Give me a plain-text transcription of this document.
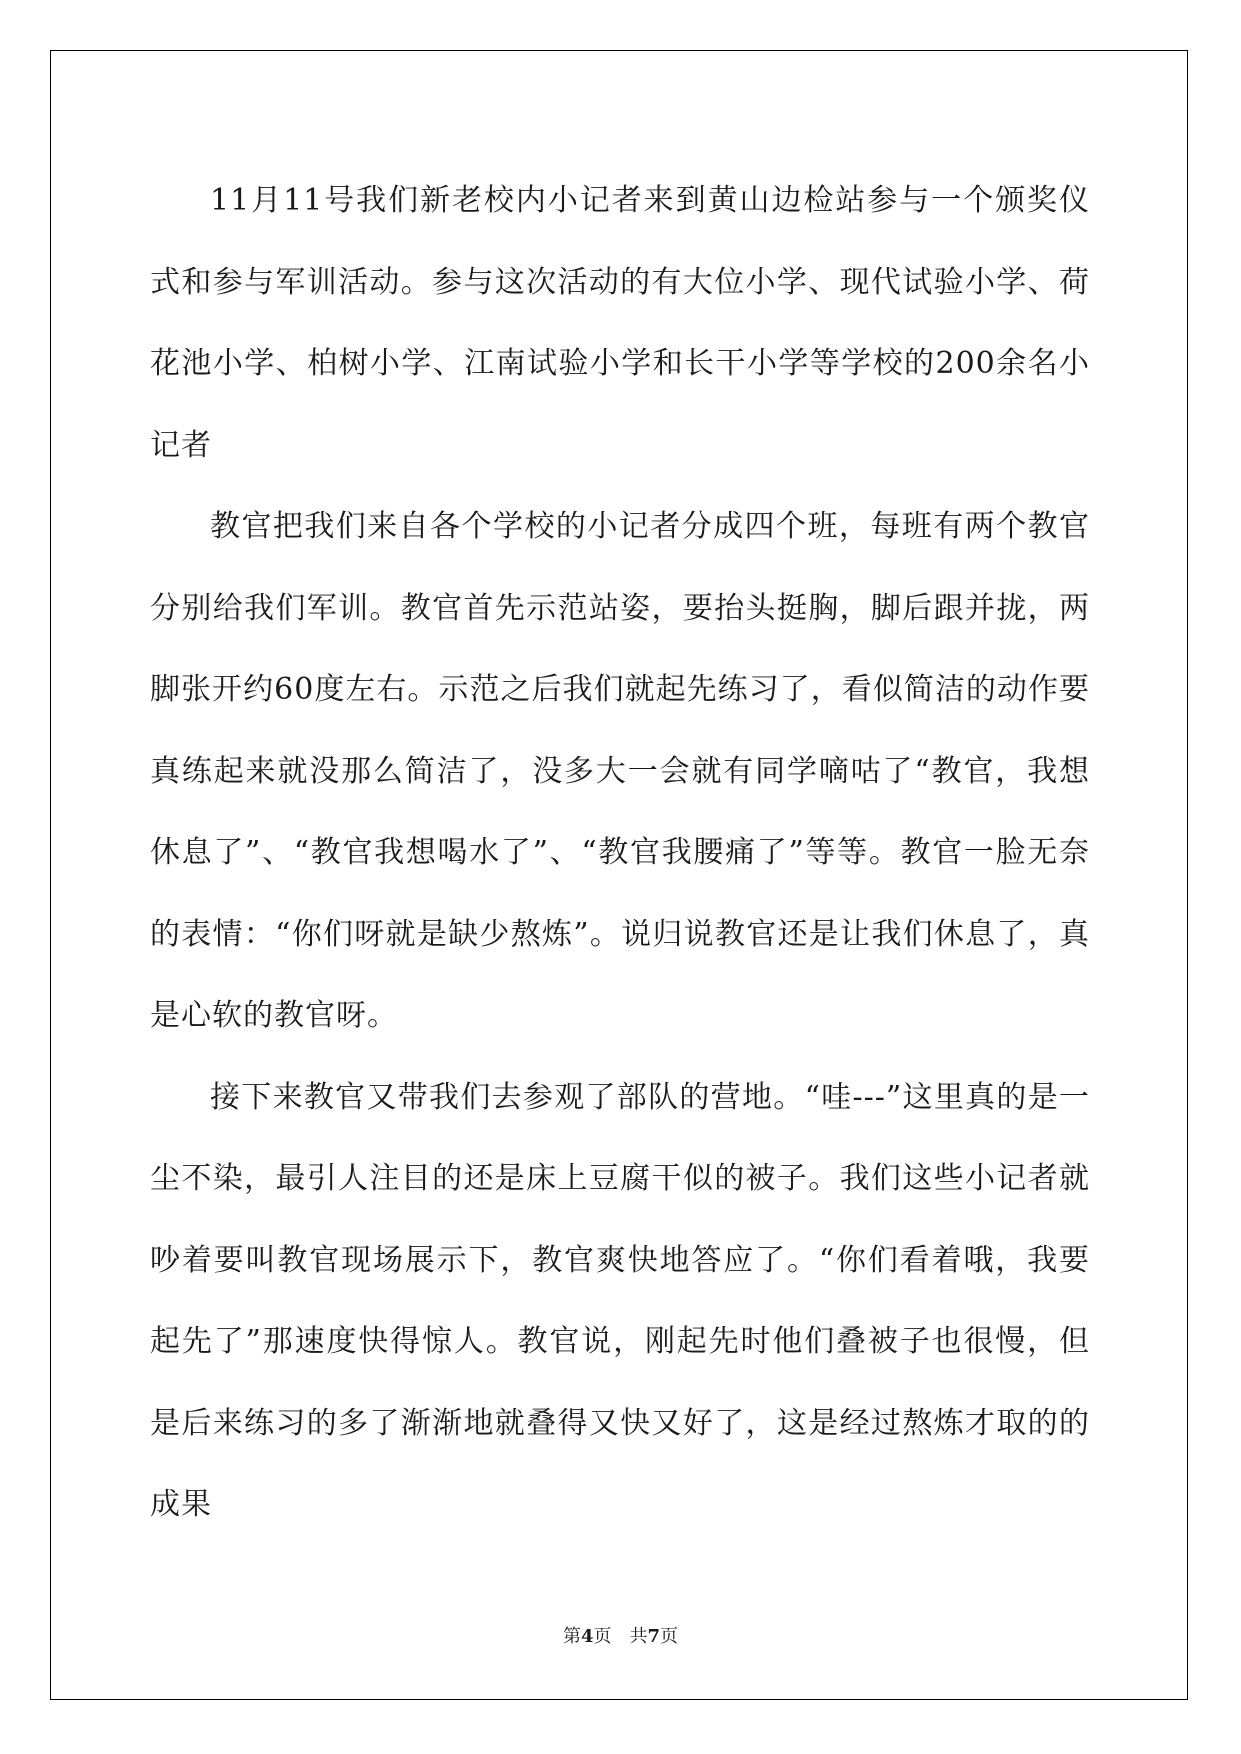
11月11号我们新老校内小记者来到黄山边检站参与一个颁奖仪式和参与军训活动。参与这次活动的有大位小学、现代试验小学、荷花池小学、柏树小学、江南试验小学和长干小学等学校的200余名小记者

教官把我们来自各个学校的小记者分成四个班，每班有两个教官分别给我们军训。教官首先示范站姿，要抬头挺胸，脚后跟并拢，两脚张开约60度左右。示范之后我们就起先练习了，看似简洁的动作要真练起来就没那么简洁了，没多大一会就有同学嘀咕了“教官，我想休息了”、“教官我想喝水了”、“教官我腰痛了”等等。教官一脸无奈的表情：“你们呀就是缺少熬炼”。说归说教官还是让我们休息了，真是心软的教官呀。

接下来教官又带我们去参观了部队的营地。“哇---”这里真的是一尘不染，最引人注目的还是床上豆腐干似的被子。我们这些小记者就吵着要叫教官现场展示下，教官爽快地答应了。“你们看着哦，我要起先了”那速度快得惊人。教官说，刚起先时他们叠被子也很慢，但是后来练习的多了渐渐地就叠得又快又好了，这是经过熬炼才取的的成果

第4页　共7页
